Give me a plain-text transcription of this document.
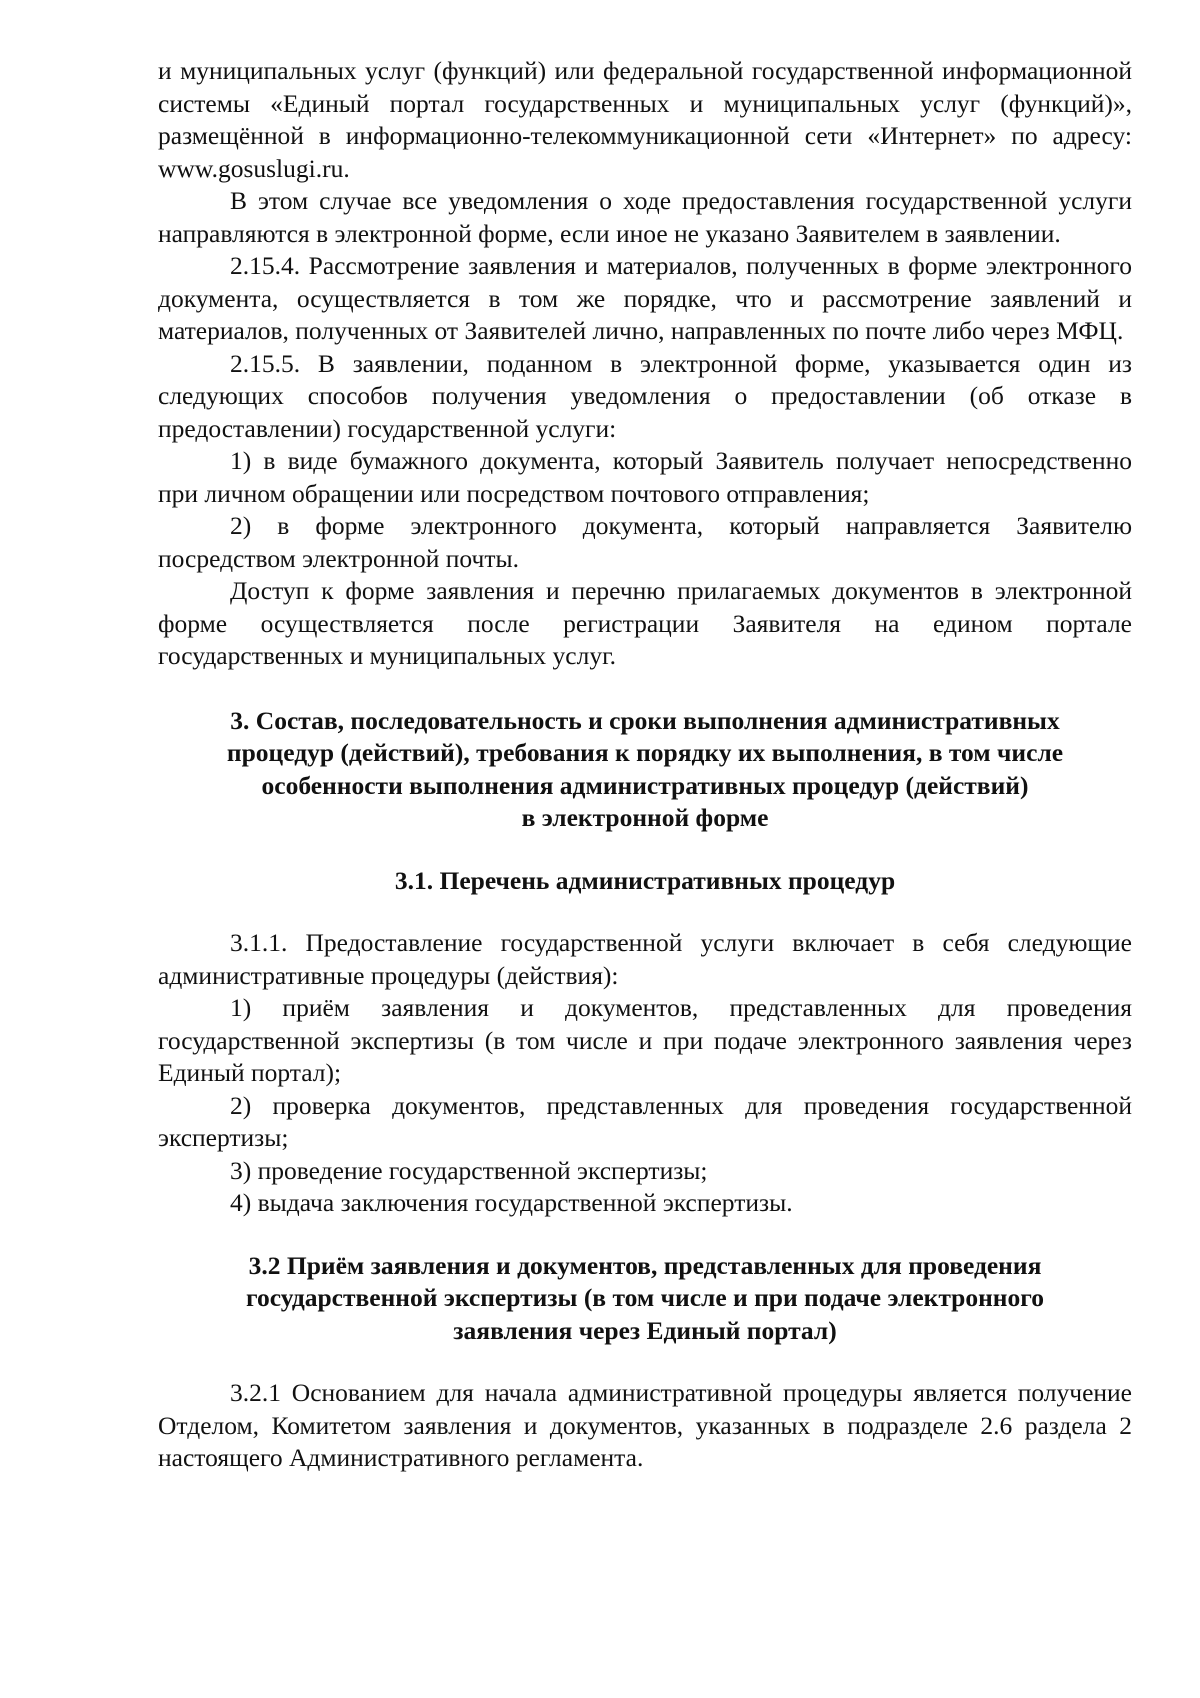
и муниципальных услуг (функций) или федеральной государственной информационной системы «Единый портал государственных и муниципальных услуг (функций)», размещённой в информационно-телекоммуникационной сети «Интернет» по адресу: www.gosuslugi.ru.

В этом случае все уведомления о ходе предоставления государственной услуги направляются в электронной форме, если иное не указано Заявителем в заявлении.

2.15.4. Рассмотрение заявления и материалов, полученных в форме электронного документа, осуществляется в том же порядке, что и рассмотрение заявлений и материалов, полученных от Заявителей лично, направленных по почте либо через МФЦ.

2.15.5. В заявлении, поданном в электронной форме, указывается один из следующих способов получения уведомления о предоставлении (об отказе в предоставлении) государственной услуги:

1) в виде бумажного документа, который Заявитель получает непосредственно при личном обращении или посредством почтового отправления;

2) в форме электронного документа, который направляется Заявителю посредством электронной почты.

Доступ к форме заявления и перечню прилагаемых документов в электронной форме осуществляется после регистрации Заявителя на едином портале государственных и муниципальных услуг.

3. Состав, последовательность и сроки выполнения административных

процедур (действий), требования к порядку их выполнения, в том числе

особенности выполнения административных процедур (действий)

в электронной форме

3.1. Перечень административных процедур

3.1.1. Предоставление государственной услуги включает в себя следующие административные процедуры (действия):

1) приём заявления и документов, представленных для проведения государственной экспертизы (в том числе и при подаче электронного заявления через Единый портал);

2) проверка документов, представленных для проведения государственной экспертизы;

3) проведение государственной экспертизы;

4) выдача заключения государственной экспертизы.

3.2 Приём заявления и документов, представленных для проведения

государственной экспертизы (в том числе и при подаче электронного

заявления через Единый портал)

3.2.1 Основанием для начала административной процедуры является получение Отделом, Комитетом заявления и документов, указанных в подразделе 2.6 раздела 2 настоящего Административного регламента.
